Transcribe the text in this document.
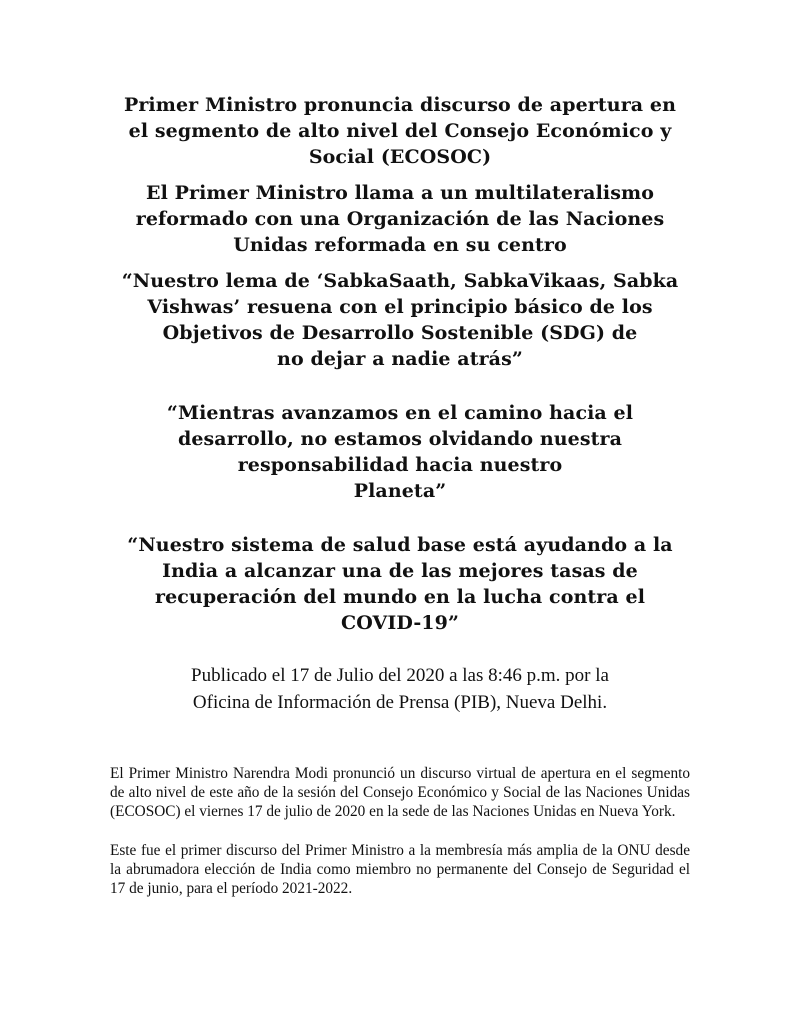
Primer Ministro pronuncia discurso de apertura en
el segmento de alto nivel del Consejo Económico y
Social (ECOSOC)
El Primer Ministro llama a un multilateralismo
reformado con una Organización de las Naciones
Unidas reformada en su centro
“Nuestro lema de ‘SabkaSaath, SabkaVikaas, Sabka
Vishwas’ resuena con el principio básico de los
Objetivos de Desarrollo Sostenible (SDG) de
no dejar a nadie atrás”
“Mientras avanzamos en el camino hacia el
desarrollo, no estamos olvidando nuestra
responsabilidad hacia nuestro
Planeta”
“Nuestro sistema de salud base está ayudando a la
India a alcanzar una de las mejores tasas de
recuperación del mundo en la lucha contra el
COVID-19”
Publicado el 17 de Julio del 2020 a las 8:46 p.m. por la
Oficina de Información de Prensa (PIB), Nueva Delhi.

El Primer Ministro Narendra Modi pronunció un discurso virtual de apertura en el segmento de alto nivel de este año de la sesión del Consejo Económico y Social de las Naciones Unidas (ECOSOC) el viernes 17 de julio de 2020 en la sede de las Naciones Unidas en Nueva York.

Este fue el primer discurso del Primer Ministro a la membresía más amplia de la ONU desde la abrumadora elección de India como miembro no permanente del Consejo de Seguridad el 17 de junio, para el período 2021-2022.
